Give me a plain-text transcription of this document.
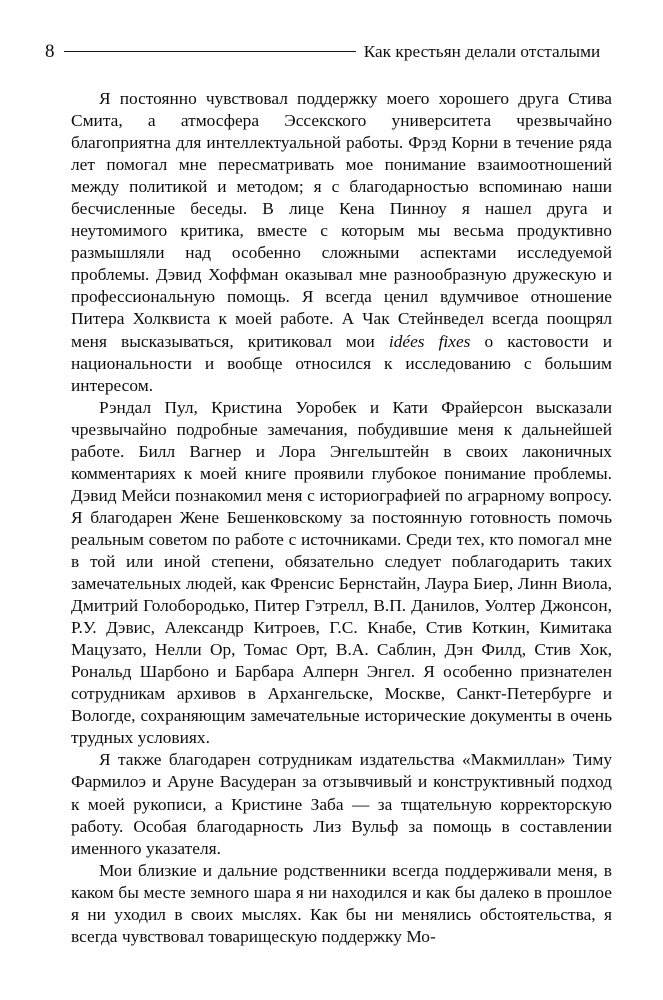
8	Как крестьян делали отсталыми

Я постоянно чувствовал поддержку моего хорошего друга Стива Смита, а атмосфера Эссекского университета чрезвычайно благоприятна для интеллектуальной работы. Фрэд Корни в течение ряда лет помогал мне пересматривать мое понимание взаимоотношений между политикой и методом; я с благодарностью вспоминаю наши бесчисленные беседы. В лице Кена Пинноу я нашел друга и неутомимого критика, вместе с которым мы весьма продуктивно размышляли над особенно сложными аспектами исследуемой проблемы. Дэвид Хоффман оказывал мне разнообразную дружескую и профессиональную помощь. Я всегда ценил вдумчивое отношение Питера Холквиста к моей работе. А Чак Стейнведел всегда поощрял меня высказываться, критиковал мои idées fixes о кастовости и национальности и вообще относился к исследованию с большим интересом.

Рэндал Пул, Кристина Уоробек и Кати Фрайерсон высказали чрезвычайно подробные замечания, побудившие меня к дальнейшей работе. Билл Вагнер и Лора Энгельштейн в своих лаконичных комментариях к моей книге проявили глубокое понимание проблемы. Дэвид Мейси познакомил меня с историографией по аграрному вопросу. Я благодарен Жене Бешенковскому за постоянную готовность помочь реальным советом по работе с источниками. Среди тех, кто помогал мне в той или иной степени, обязательно следует поблагодарить таких замечательных людей, как Френсис Бернстайн, Лаура Биер, Линн Виола, Дмитрий Голобородько, Питер Гэтрелл, В.П. Данилов, Уолтер Джонсон, Р.У. Дэвис, Александр Китроев, Г.С. Кнабе, Стив Коткин, Кимитака Мацузато, Нелли Ор, Томас Орт, В.А. Саблин, Дэн Филд, Стив Хок, Рональд Шарбоно и Барбара Алперн Энгел. Я особенно признателен сотрудникам архивов в Архангельске, Москве, Санкт-Петербурге и Вологде, сохраняющим замечательные исторические документы в очень трудных условиях.

Я также благодарен сотрудникам издательства «Макмиллан» Тиму Фармилоэ и Аруне Васудеран за отзывчивый и конструктивный подход к моей рукописи, а Кристине Заба — за тщательную корректорскую работу. Особая благодарность Лиз Вульф за помощь в составлении именного указателя.

Мои близкие и дальние родственники всегда поддерживали меня, в каком бы месте земного шара я ни находился и как бы далеко в прошлое я ни уходил в своих мыслях. Как бы ни менялись обстоятельства, я всегда чувствовал товарищескую поддержку Мо-
